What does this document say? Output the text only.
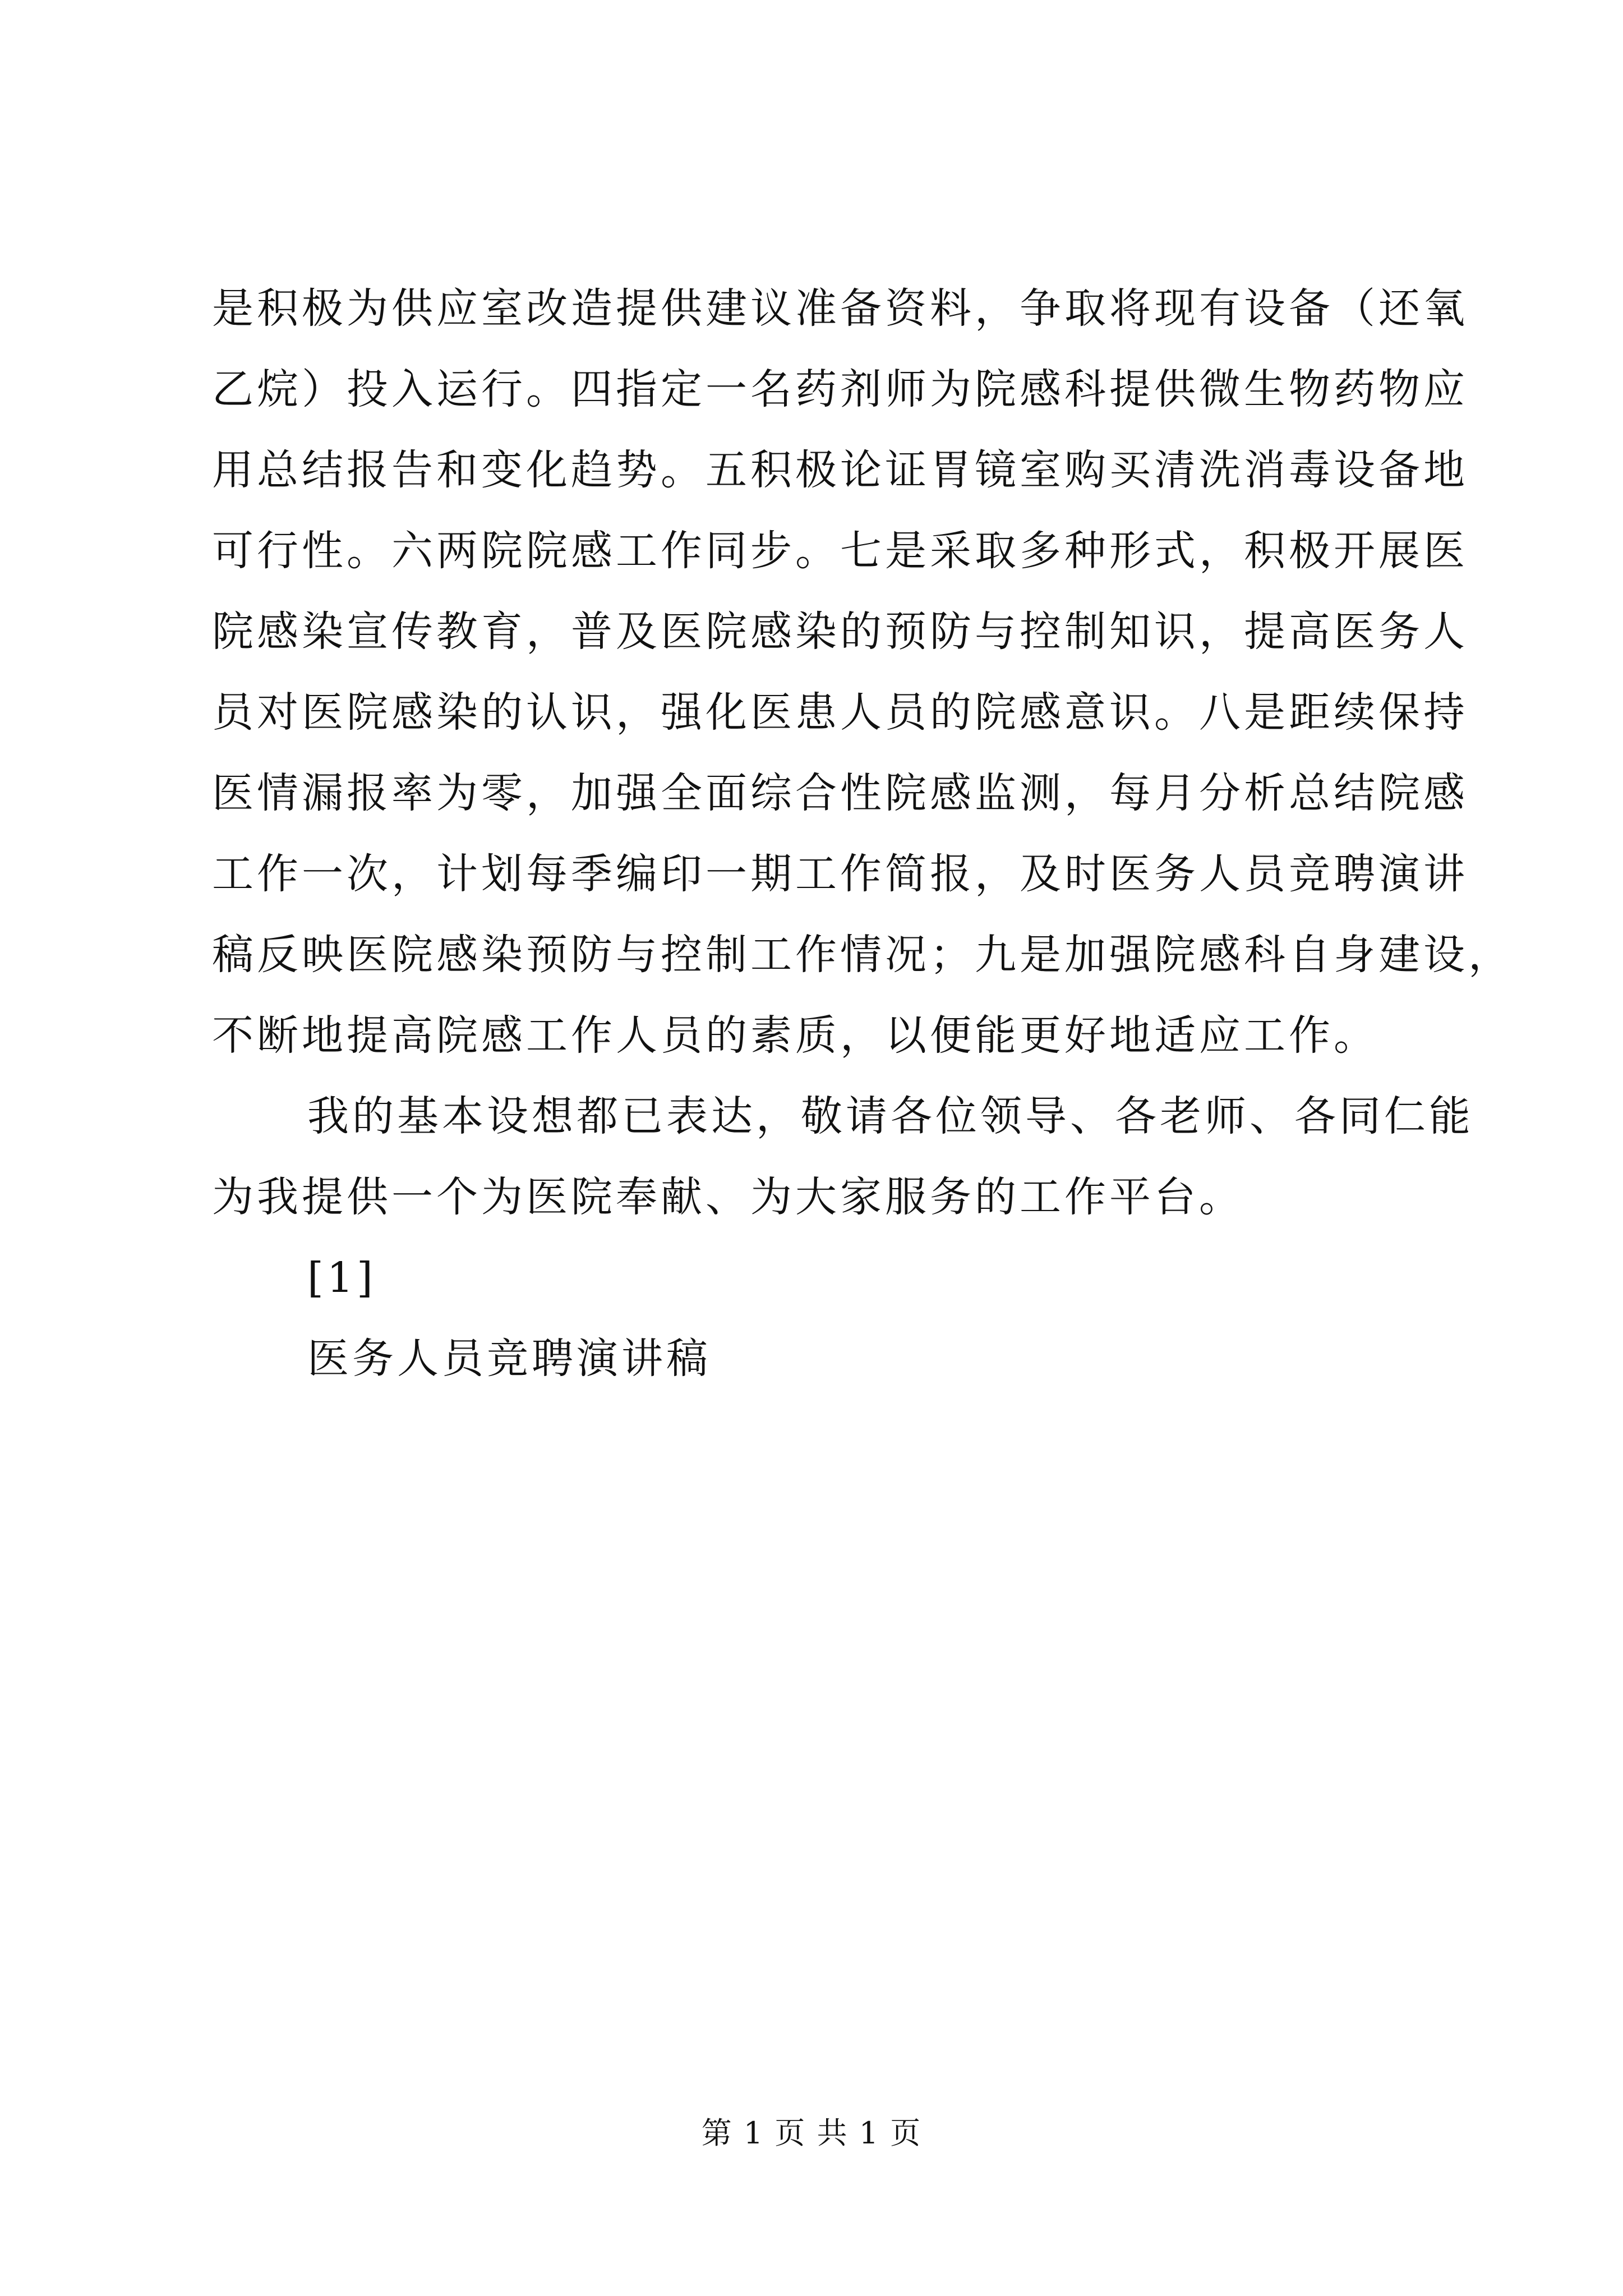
是积极为供应室改造提供建议准备资料，争取将现有设备（还氧
乙烷）投入运行。四指定一名药剂师为院感科提供微生物药物应
用总结报告和变化趋势。五积极论证胃镜室购买清洗消毒设备地
可行性。六两院院感工作同步。七是采取多种形式，积极开展医
院感染宣传教育，普及医院感染的预防与控制知识，提高医务人
员对医院感染的认识，强化医患人员的院感意识。八是距续保持
医情漏报率为零，加强全面综合性院感监测，每月分析总结院感
工作一次，计划每季编印一期工作简报，及时医务人员竞聘演讲
稿反映医院感染预防与控制工作情况；九是加强院感科自身建设，
不断地提高院感工作人员的素质，以便能更好地适应工作。
我的基本设想都已表达，敬请各位领导、各老师、各同仁能
为我提供一个为医院奉献、为大家服务的工作平台。
[1]
医务人员竞聘演讲稿
第 1 页 共 1 页
